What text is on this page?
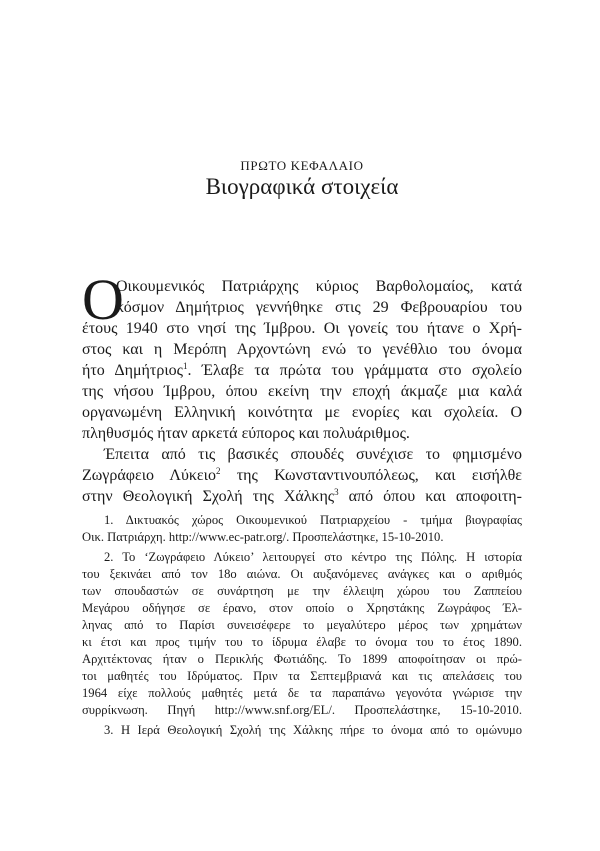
ΠΡΩΤΟ ΚΕΦΑΛΑΙΟ
Βιογραφικά στοιχεία
Ο
Οικουμενικός Πατριάρχης κύριος Βαρθολομαίος, κατά
κόσμον Δημήτριος γεννήθηκε στις 29 Φεβρουαρίου του
έτους 1940 στο νησί της Ίμβρου. Οι γονείς του ήτανε ο Χρή-
στος και η Μερόπη Αρχοντώνη ενώ το γενέθλιο του όνομα
ήτο Δημήτριος$^1$. Έλαβε τα πρώτα του γράμματα στο σχολείο
της νήσου Ίμβρου, όπου εκείνη την εποχή άκμαζε μια καλά
οργανωμένη Ελληνική κοινότητα με ενορίες και σχολεία. Ο
πληθυσμός ήταν αρκετά εύπορος και πολυάριθμος.
Έπειτα από τις βασικές σπουδές συνέχισε το φημισμένο
Ζωγράφειο Λύκειο$^2$ της Κωνσταντινουπόλεως, και εισήλθε
στην Θεολογική Σχολή της Χάλκης$^3$ από όπου και αποφοιτη-
1. Δικτυακός χώρος Οικουμενικού Πατριαρχείου - τμήμα βιογραφίας
Οικ. Πατριάρχη. http://www.ec-patr.org/. Προσπελάστηκε, 15-10-2010.
2. Το ‘Ζωγράφειο Λύκειο’ λειτουργεί στο κέντρο της Πόλης. Η ιστορία
του ξεκινάει από τον 18ο αιώνα. Οι αυξανόμενες ανάγκες και ο αριθμός
των σπουδαστών σε συνάρτηση με την έλλειψη χώρου του Ζαππείου
Μεγάρου οδήγησε σε έρανο, στον οποίο ο Χρηστάκης Ζωγράφος Έλ-
ληνας από το Παρίσι συνεισέφερε το μεγαλύτερο μέρος των χρημάτων
κι έτσι και προς τιμήν του το ίδρυμα έλαβε το όνομα του το έτος 1890.
Αρχιτέκτονας ήταν ο Περικλής Φωτιάδης. Το 1899 αποφοίτησαν οι πρώ-
τοι μαθητές του Ιδρύματος. Πριν τα Σεπτεμβριανά και τις απελάσεις του
1964 είχε πολλούς μαθητές μετά δε τα παραπάνω γεγονότα γνώρισε την
συρρίκνωση. Πηγή http://www.snf.org/EL/. Προσπελάστηκε, 15-10-2010.
3. Η Ιερά Θεολογική Σχολή της Χάλκης πήρε το όνομα από το ομώνυμο
